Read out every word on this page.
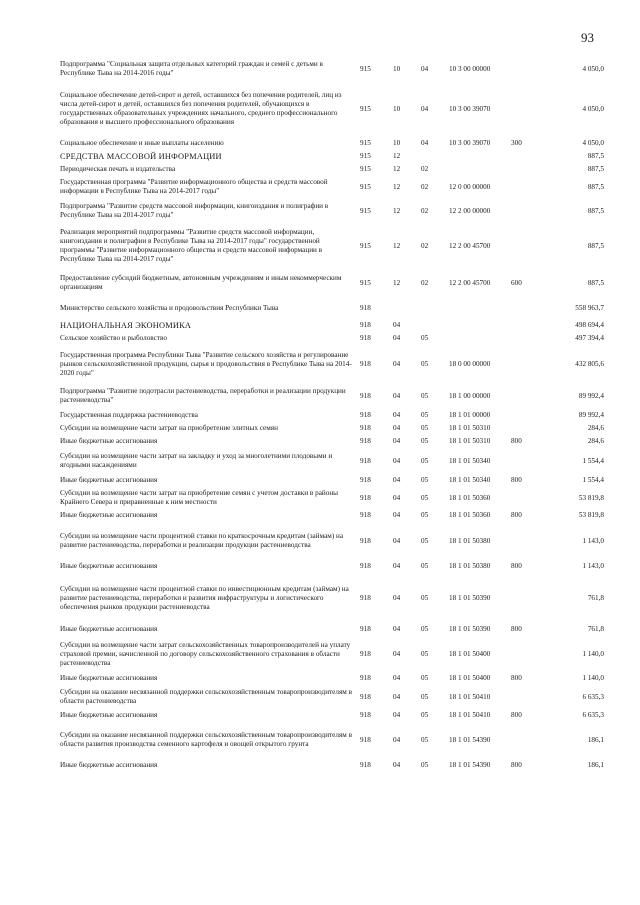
93
Подпрограмма "Социальная защита отдельных категорий граждан и семей с детьми в Республике Тыва на 2014-2016 годы"	915	10	04	10 3 00 00000		4 050,0
Социальное обеспечение детей-сирот и детей, оставшихся без попечения родителей, лиц из числа детей-сирот и детей, оставшихся без попечения родителей, обучающихся в государственных образовательных учреждениях начального, среднего профессионального образования и высшего профессионального образования	915	10	04	10 3 00 39070		4 050,0
Социальное обеспечение и иные выплаты населению	915	10	04	10 3 00 39070	300	4 050,0
СРЕДСТВА МАССОВОЙ ИНФОРМАЦИИ	915	12				887,5
Периодическая печать и издательства	915	12	02			887,5
Государственная программа "Развитие информационного общества и средств массовой информации в Республике Тыва на 2014-2017 годы"	915	12	02	12 0 00 00000		887,5
Подпрограмма "Развитие средств массовой информации, книгоиздания и полиграфии в Республике Тыва на 2014-2017 годы"	915	12	02	12 2 00 00000		887,5
Реализация мероприятий подпрограммы "Развитие средств массовой информации, книгоиздания и полиграфии в Республике Тыва на 2014-2017 годы" государственной программы "Развитие информационного общества и средств массовой информации в Республике Тыва на 2014-2017 годы"	915	12	02	12 2 00 45700		887,5
Предоставление субсидий бюджетным, автономным учреждениям и иным некоммерческим организациям	915	12	02	12 2 00 45700	600	887,5
Министерство сельского хозяйства и продовольствия Республики Тыва	918					558 963,7
НАЦИОНАЛЬНАЯ ЭКОНОМИКА	918	04				498 694,4
Сельское хозяйство и рыболовство	918	04	05			497 394,4
Государственная программа Республики Тыва "Развитие сельского хозяйства и регулирование рынков сельскохозяйственной продукции, сырья и продовольствия в Республике Тыва на 2014-2020 годы"	918	04	05	18 0 00 00000		432 805,6
Подпрограмма "Развитие подотрасли растениеводства, переработки и реализации продукции растениеводства"	918	04	05	18 1 00 00000		89 992,4
Государственная поддержка растениеводства	918	04	05	18 1 01 00000		89 992,4
Субсидии на возмещение части затрат на приобретение элитных семян	918	04	05	18 1 01 50310		284,6
Иные бюджетные ассигнования	918	04	05	18 1 01 50310	800	284,6
Субсидии на возмещение части затрат на закладку и уход за многолетними плодовыми и ягодными насаждениями	918	04	05	18 1 01 50340		1 554,4
Иные бюджетные ассигнования	918	04	05	18 1 01 50340	800	1 554,4
Субсидии на возмещение части затрат на приобретение семян с учетом доставки в районы Крайнего Севера и приравненные к ним местности	918	04	05	18 1 01 50360		53 819,8
Иные бюджетные ассигнования	918	04	05	18 1 01 50360	800	53 819,8
Субсидии на возмещение части процентной ставки по краткосрочным кредитам (займам) на развитие растениеводства, переработки и реализации продукции растениеводства	918	04	05	18 1 01 50380		1 143,0
Иные бюджетные ассигнования	918	04	05	18 1 01 50380	800	1 143,0
Субсидии на возмещение части процентной ставки по инвестиционным кредитам (займам) на развитие растениеводства, переработки и развития инфраструктуры и логистического обеспечения рынков продукции растениеводства	918	04	05	18 1 01 50390		761,8
Иные бюджетные ассигнования	918	04	05	18 1 01 50390	800	761,8
Субсидии на возмещение части затрат сельскохозяйственных товаропроизводителей на уплату страховой премии, начисленной по договору сельскохозяйственного страхования в области растениеводства	918	04	05	18 1 01 50400		1 140,0
Иные бюджетные ассигнования	918	04	05	18 1 01 50400	800	1 140,0
Субсидии на оказание несвязанной поддержки сельскохозяйственным товаропроизводителям в области растениеводства	918	04	05	18 1 01 50410		6 635,3
Иные бюджетные ассигнования	918	04	05	18 1 01 50410	800	6 635,3
Субсидии на оказание несвязанной поддержки сельскохозяйственным товаропроизводителям в области развития производства семенного картофеля и овощей открытого грунта	918	04	05	18 1 01 54390		186,1
Иные бюджетные ассигнования	918	04	05	18 1 01 54390	800	186,1
